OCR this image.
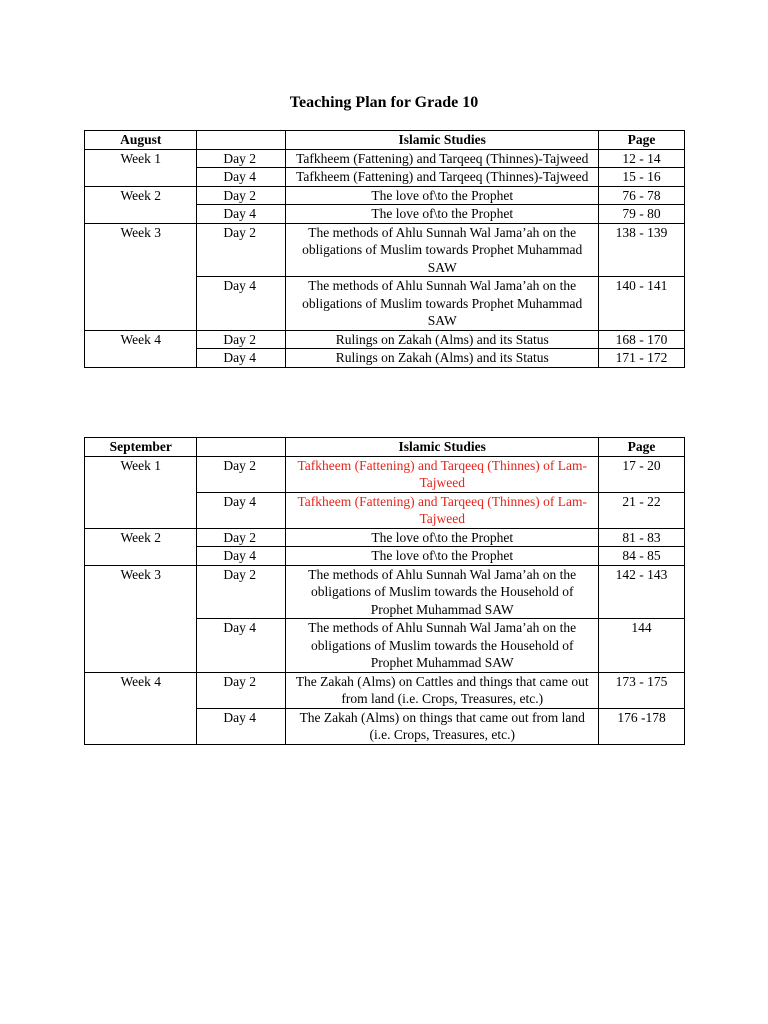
Teaching Plan for Grade 10
August		Islamic Studies	Page
Week 1	Day 2	Tafkheem (Fattening) and Tarqeeq (Thinnes)-Tajweed	12 - 14
	Day 4	Tafkheem (Fattening) and Tarqeeq (Thinnes)-Tajweed	15 - 16
Week 2	Day 2	The love of\to the Prophet	76 - 78
	Day 4	The love of\to the Prophet	79 - 80
Week 3	Day 2	The methods of Ahlu Sunnah Wal Jama’ah on the obligations of Muslim towards Prophet Muhammad SAW	138 - 139
	Day 4	The methods of Ahlu Sunnah Wal Jama’ah on the obligations of Muslim towards Prophet Muhammad SAW	140 - 141
Week 4	Day 2	Rulings on Zakah (Alms) and its Status	168 - 170
	Day 4	Rulings on Zakah (Alms) and its Status	171 - 172
September		Islamic Studies	Page
Week 1	Day 2	Tafkheem (Fattening) and Tarqeeq (Thinnes) of Lam- Tajweed	17 - 20
	Day 4	Tafkheem (Fattening) and Tarqeeq (Thinnes) of Lam- Tajweed	21 - 22
Week 2	Day 2	The love of\to the Prophet	81 - 83
	Day 4	The love of\to the Prophet	84 - 85
Week 3	Day 2	The methods of Ahlu Sunnah Wal Jama’ah on the obligations of Muslim towards the Household of Prophet Muhammad SAW	142 - 143
	Day 4	The methods of Ahlu Sunnah Wal Jama’ah on the obligations of Muslim towards the Household of Prophet Muhammad SAW	144
Week 4	Day 2	The Zakah (Alms) on Cattles and things that came out from land (i.e. Crops, Treasures, etc.)	173 - 175
	Day 4	The Zakah (Alms) on things that came out from land (i.e. Crops, Treasures, etc.)	176 -178
